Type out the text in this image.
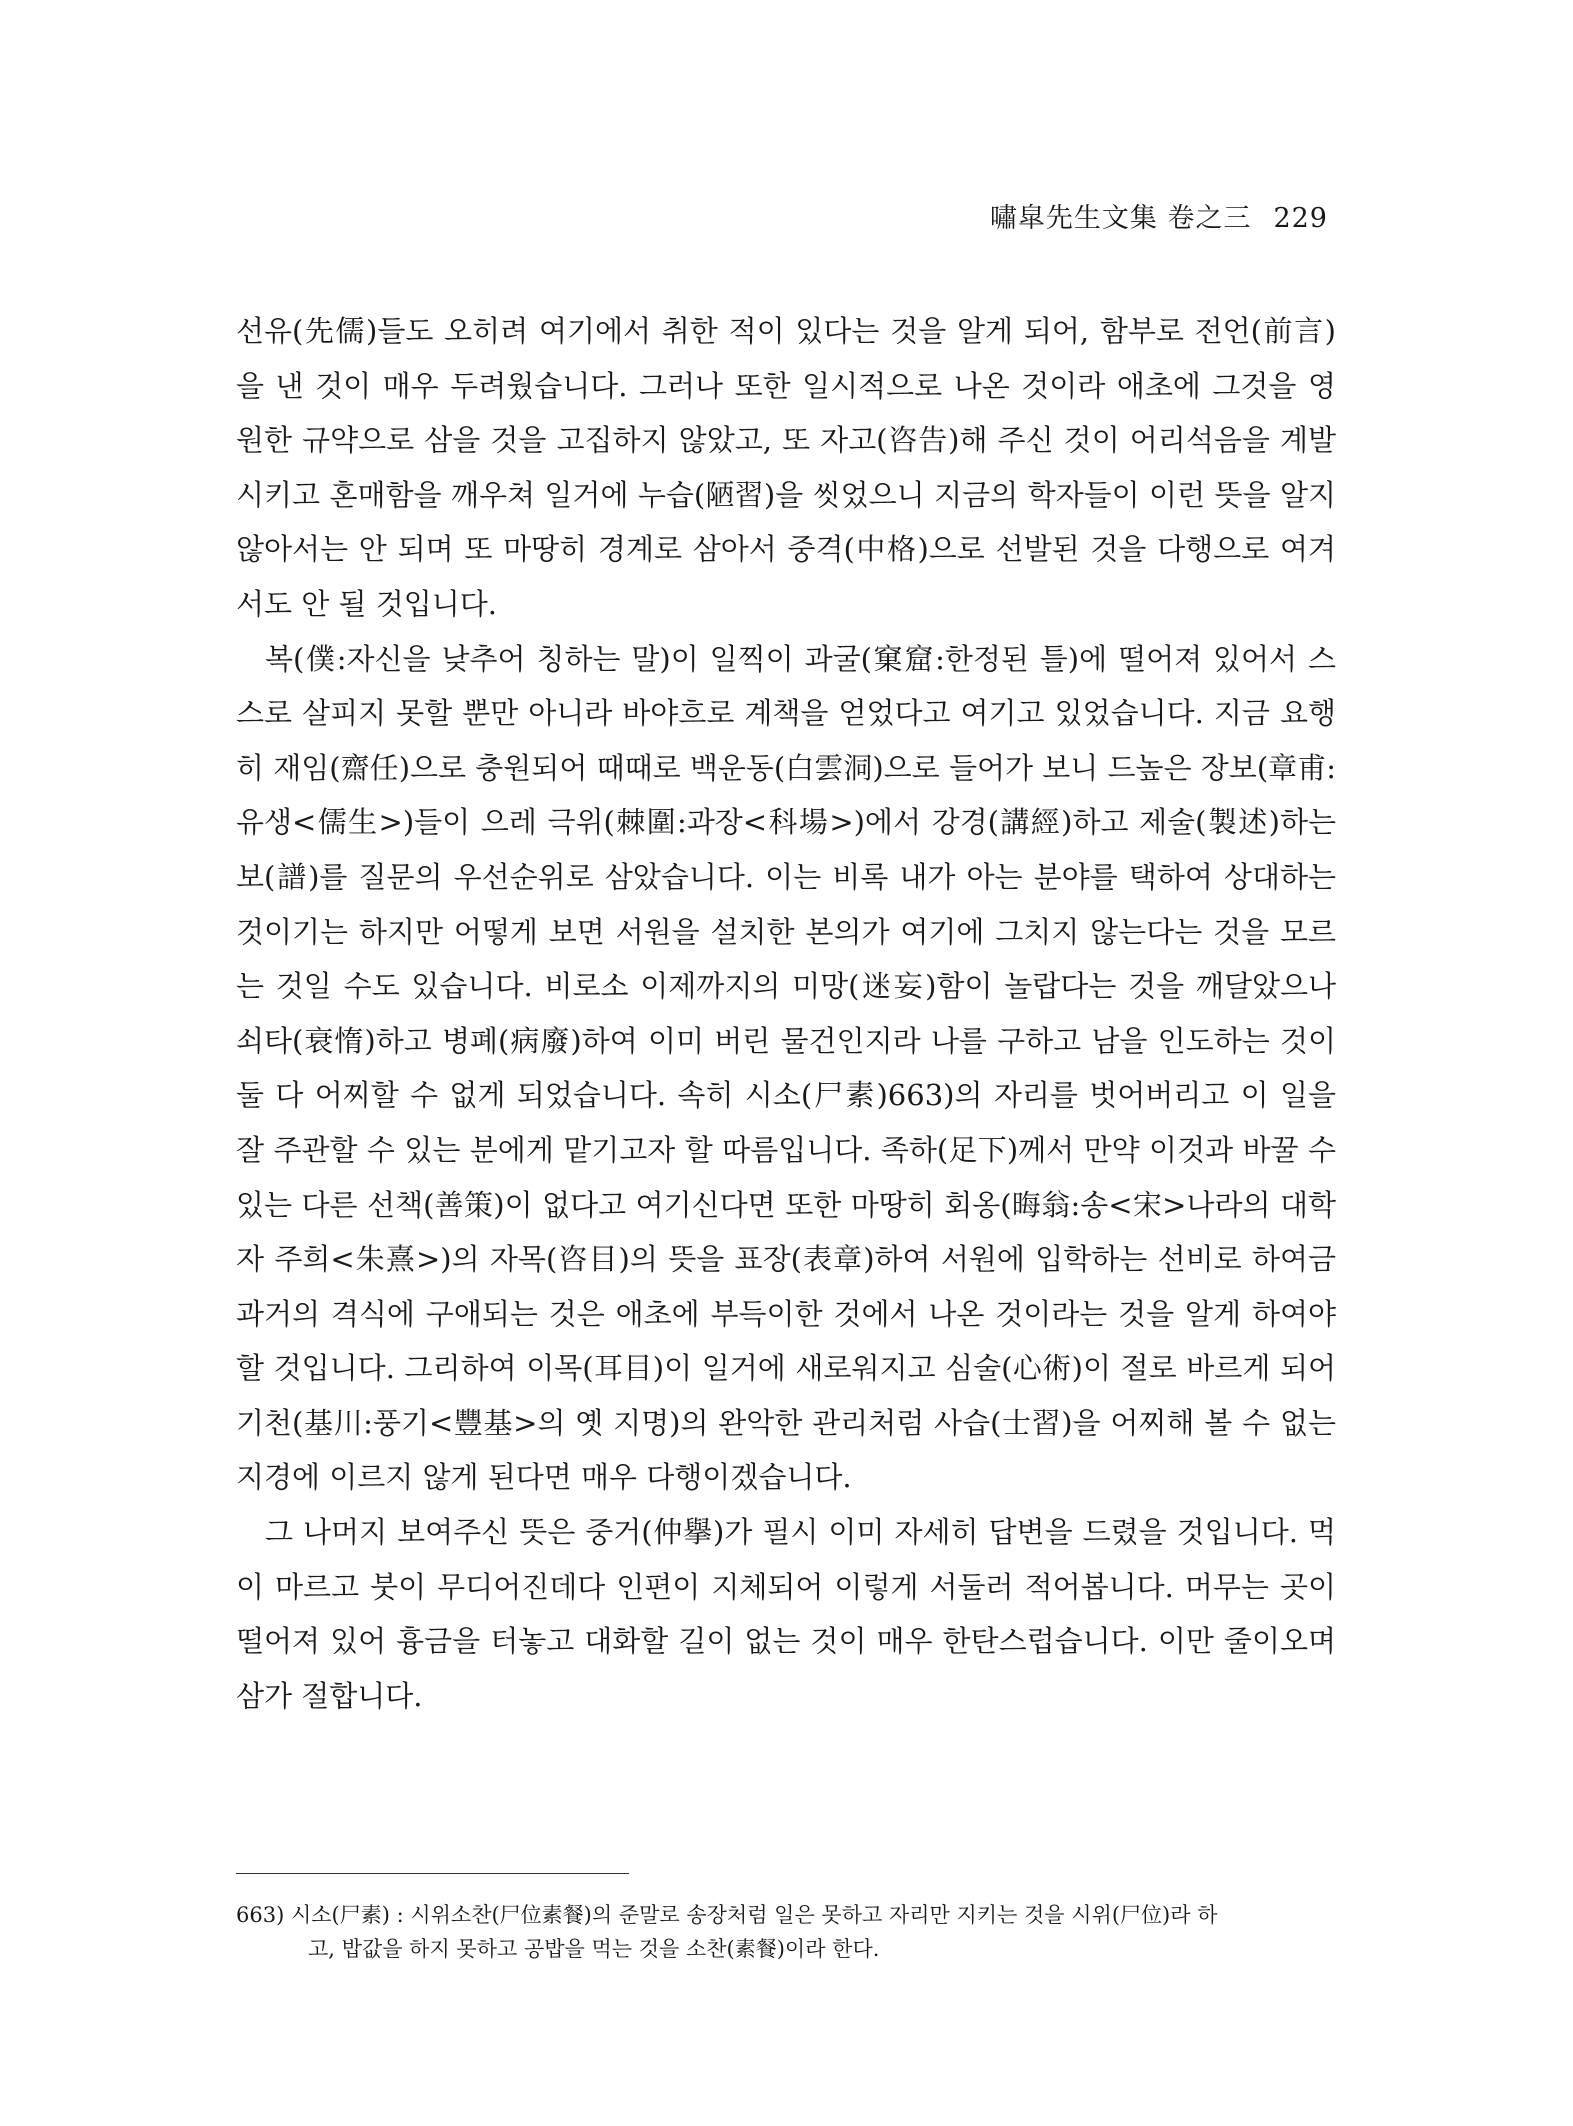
嘯皐先生文集 卷之三 229

선유(先儒)들도 오히려 여기에서 취한 적이 있다는 것을 알게 되어, 함부로 전언(前言)을 낸 것이 매우 두려웠습니다. 그러나 또한 일시적으로 나온 것이라 애초에 그것을 영원한 규약으로 삼을 것을 고집하지 않았고, 또 자고(咨告)해 주신 것이 어리석음을 계발시키고 혼매함을 깨우쳐 일거에 누습(陋習)을 씻었으니 지금의 학자들이 이런 뜻을 알지 않아서는 안 되며 또 마땅히 경계로 삼아서 중격(中格)으로 선발된 것을 다행으로 여겨서도 안 될 것입니다.

복(僕:자신을 낮추어 칭하는 말)이 일찍이 과굴(窠窟:한정된 틀)에 떨어져 있어서 스스로 살피지 못할 뿐만 아니라 바야흐로 계책을 얻었다고 여기고 있었습니다. 지금 요행히 재임(齋任)으로 충원되어 때때로 백운동(白雲洞)으로 들어가 보니 드높은 장보(章甫:유생<儒生>)들이 으레 극위(棘圍:과장<科場>)에서 강경(講經)하고 제술(製述)하는 보(譜)를 질문의 우선순위로 삼았습니다. 이는 비록 내가 아는 분야를 택하여 상대하는 것이기는 하지만 어떻게 보면 서원을 설치한 본의가 여기에 그치지 않는다는 것을 모르는 것일 수도 있습니다. 비로소 이제까지의 미망(迷妄)함이 놀랍다는 것을 깨달았으나 쇠타(衰惰)하고 병폐(病廢)하여 이미 버린 물건인지라 나를 구하고 남을 인도하는 것이 둘 다 어찌할 수 없게 되었습니다. 속히 시소(尸素)663)의 자리를 벗어버리고 이 일을 잘 주관할 수 있는 분에게 맡기고자 할 따름입니다. 족하(足下)께서 만약 이것과 바꿀 수 있는 다른 선책(善策)이 없다고 여기신다면 또한 마땅히 회옹(晦翁:송<宋>나라의 대학자 주희<朱熹>)의 자목(咨目)의 뜻을 표장(表章)하여 서원에 입학하는 선비로 하여금 과거의 격식에 구애되는 것은 애초에 부득이한 것에서 나온 것이라는 것을 알게 하여야 할 것입니다. 그리하여 이목(耳目)이 일거에 새로워지고 심술(心術)이 절로 바르게 되어 기천(基川:풍기<豐基>의 옛 지명)의 완악한 관리처럼 사습(士習)을 어찌해 볼 수 없는 지경에 이르지 않게 된다면 매우 다행이겠습니다.

그 나머지 보여주신 뜻은 중거(仲擧)가 필시 이미 자세히 답변을 드렸을 것입니다. 먹이 마르고 붓이 무디어진데다 인편이 지체되어 이렇게 서둘러 적어봅니다. 머무는 곳이 떨어져 있어 흉금을 터놓고 대화할 길이 없는 것이 매우 한탄스럽습니다. 이만 줄이오며 삼가 절합니다.

663) 시소(尸素) : 시위소찬(尸位素餐)의 준말로 송장처럼 일은 못하고 자리만 지키는 것을 시위(尸位)라 하
고, 밥값을 하지 못하고 공밥을 먹는 것을 소찬(素餐)이라 한다.
